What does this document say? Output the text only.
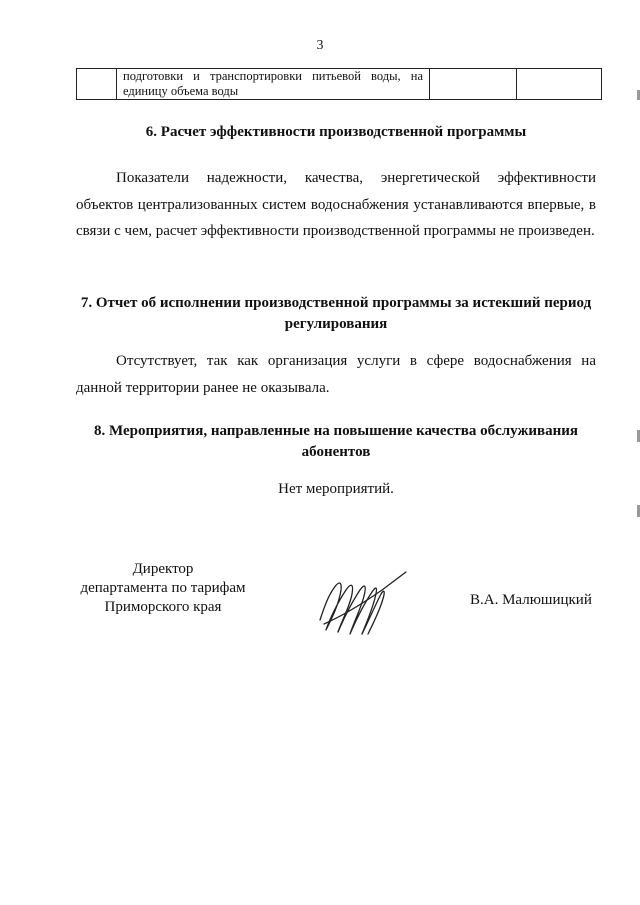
3
	подготовки и транспортировки питьевой воды, на единицу объема воды		
6. Расчет эффективности производственной программы
Показатели надежности, качества, энергетической эффективности объектов централизованных систем водоснабжения устанавливаются впервые, в связи с чем, расчет эффективности производственной программы не произведен.
7. Отчет об исполнении производственной программы за истекший период регулирования
Отсутствует, так как организация услуги в сфере водоснабжения на данной территории ранее не оказывала.
8. Мероприятия, направленные на повышение качества обслуживания абонентов
Нет мероприятий.
Директор
департамента по тарифам
Приморского края	В.А. Малюшицкий
